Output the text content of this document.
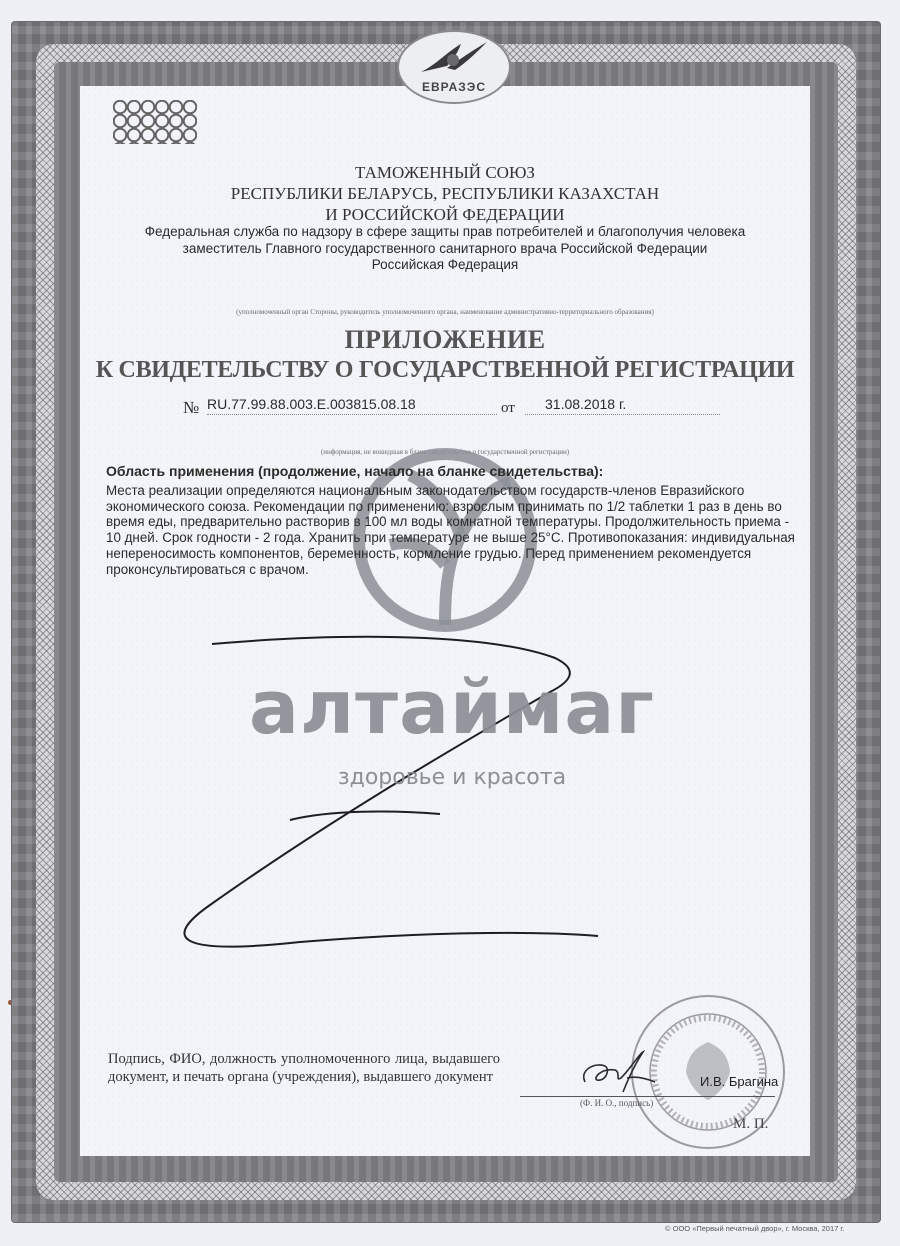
ЕВРАЗЭС
ТАМОЖЕННЫЙ СОЮЗ
РЕСПУБЛИКИ БЕЛАРУСЬ, РЕСПУБЛИКИ КАЗАХСТАН
И РОССИЙСКОЙ ФЕДЕРАЦИИ
Федеральная служба по надзору в сфере защиты прав потребителей и благополучия человека
заместитель Главного государственного санитарного врача Российской Федерации
Российская Федерация
(уполномоченный орган Стороны, руководитель уполномоченного органа, наименование административно-территориального образования)
ПРИЛОЖЕНИЕ
К СВИДЕТЕЛЬСТВУ О ГОСУДАРСТВЕННОЙ РЕГИСТРАЦИИ
№ RU.77.99.88.003.E.003815.08.18	от 31.08.2018 г.
(информация, не вошедшая в бланк свидетельства о государственной регистрации)
Область применения (продолжение, начало на бланке свидетельства):
Места реализации определяются национальным законодательством государств-членов Евразийского экономического союза. Рекомендации по применению: взрослым принимать по 1/2 таблетки 1 раз в день во время еды, предварительно растворив в 100 мл воды комнатной температуры. Продолжительность приема - 10 дней. Срок годности - 2 года. Хранить при температуре не выше 25°C. Противопоказания: индивидуальная непереносимость компонентов, беременность, кормление грудью. Перед применением рекомендуется проконсультироваться с врачом.
алтаймаг
здоровье и красота
Подпись, ФИО, должность уполномоченного лица, выдавшего документ, и печать органа (учреждения), выдавшего документ	И.В. Брагина
(Ф. И. О., подпись)
М. П.
© ООО «Первый печатный двор», г. Москва, 2017 г.
